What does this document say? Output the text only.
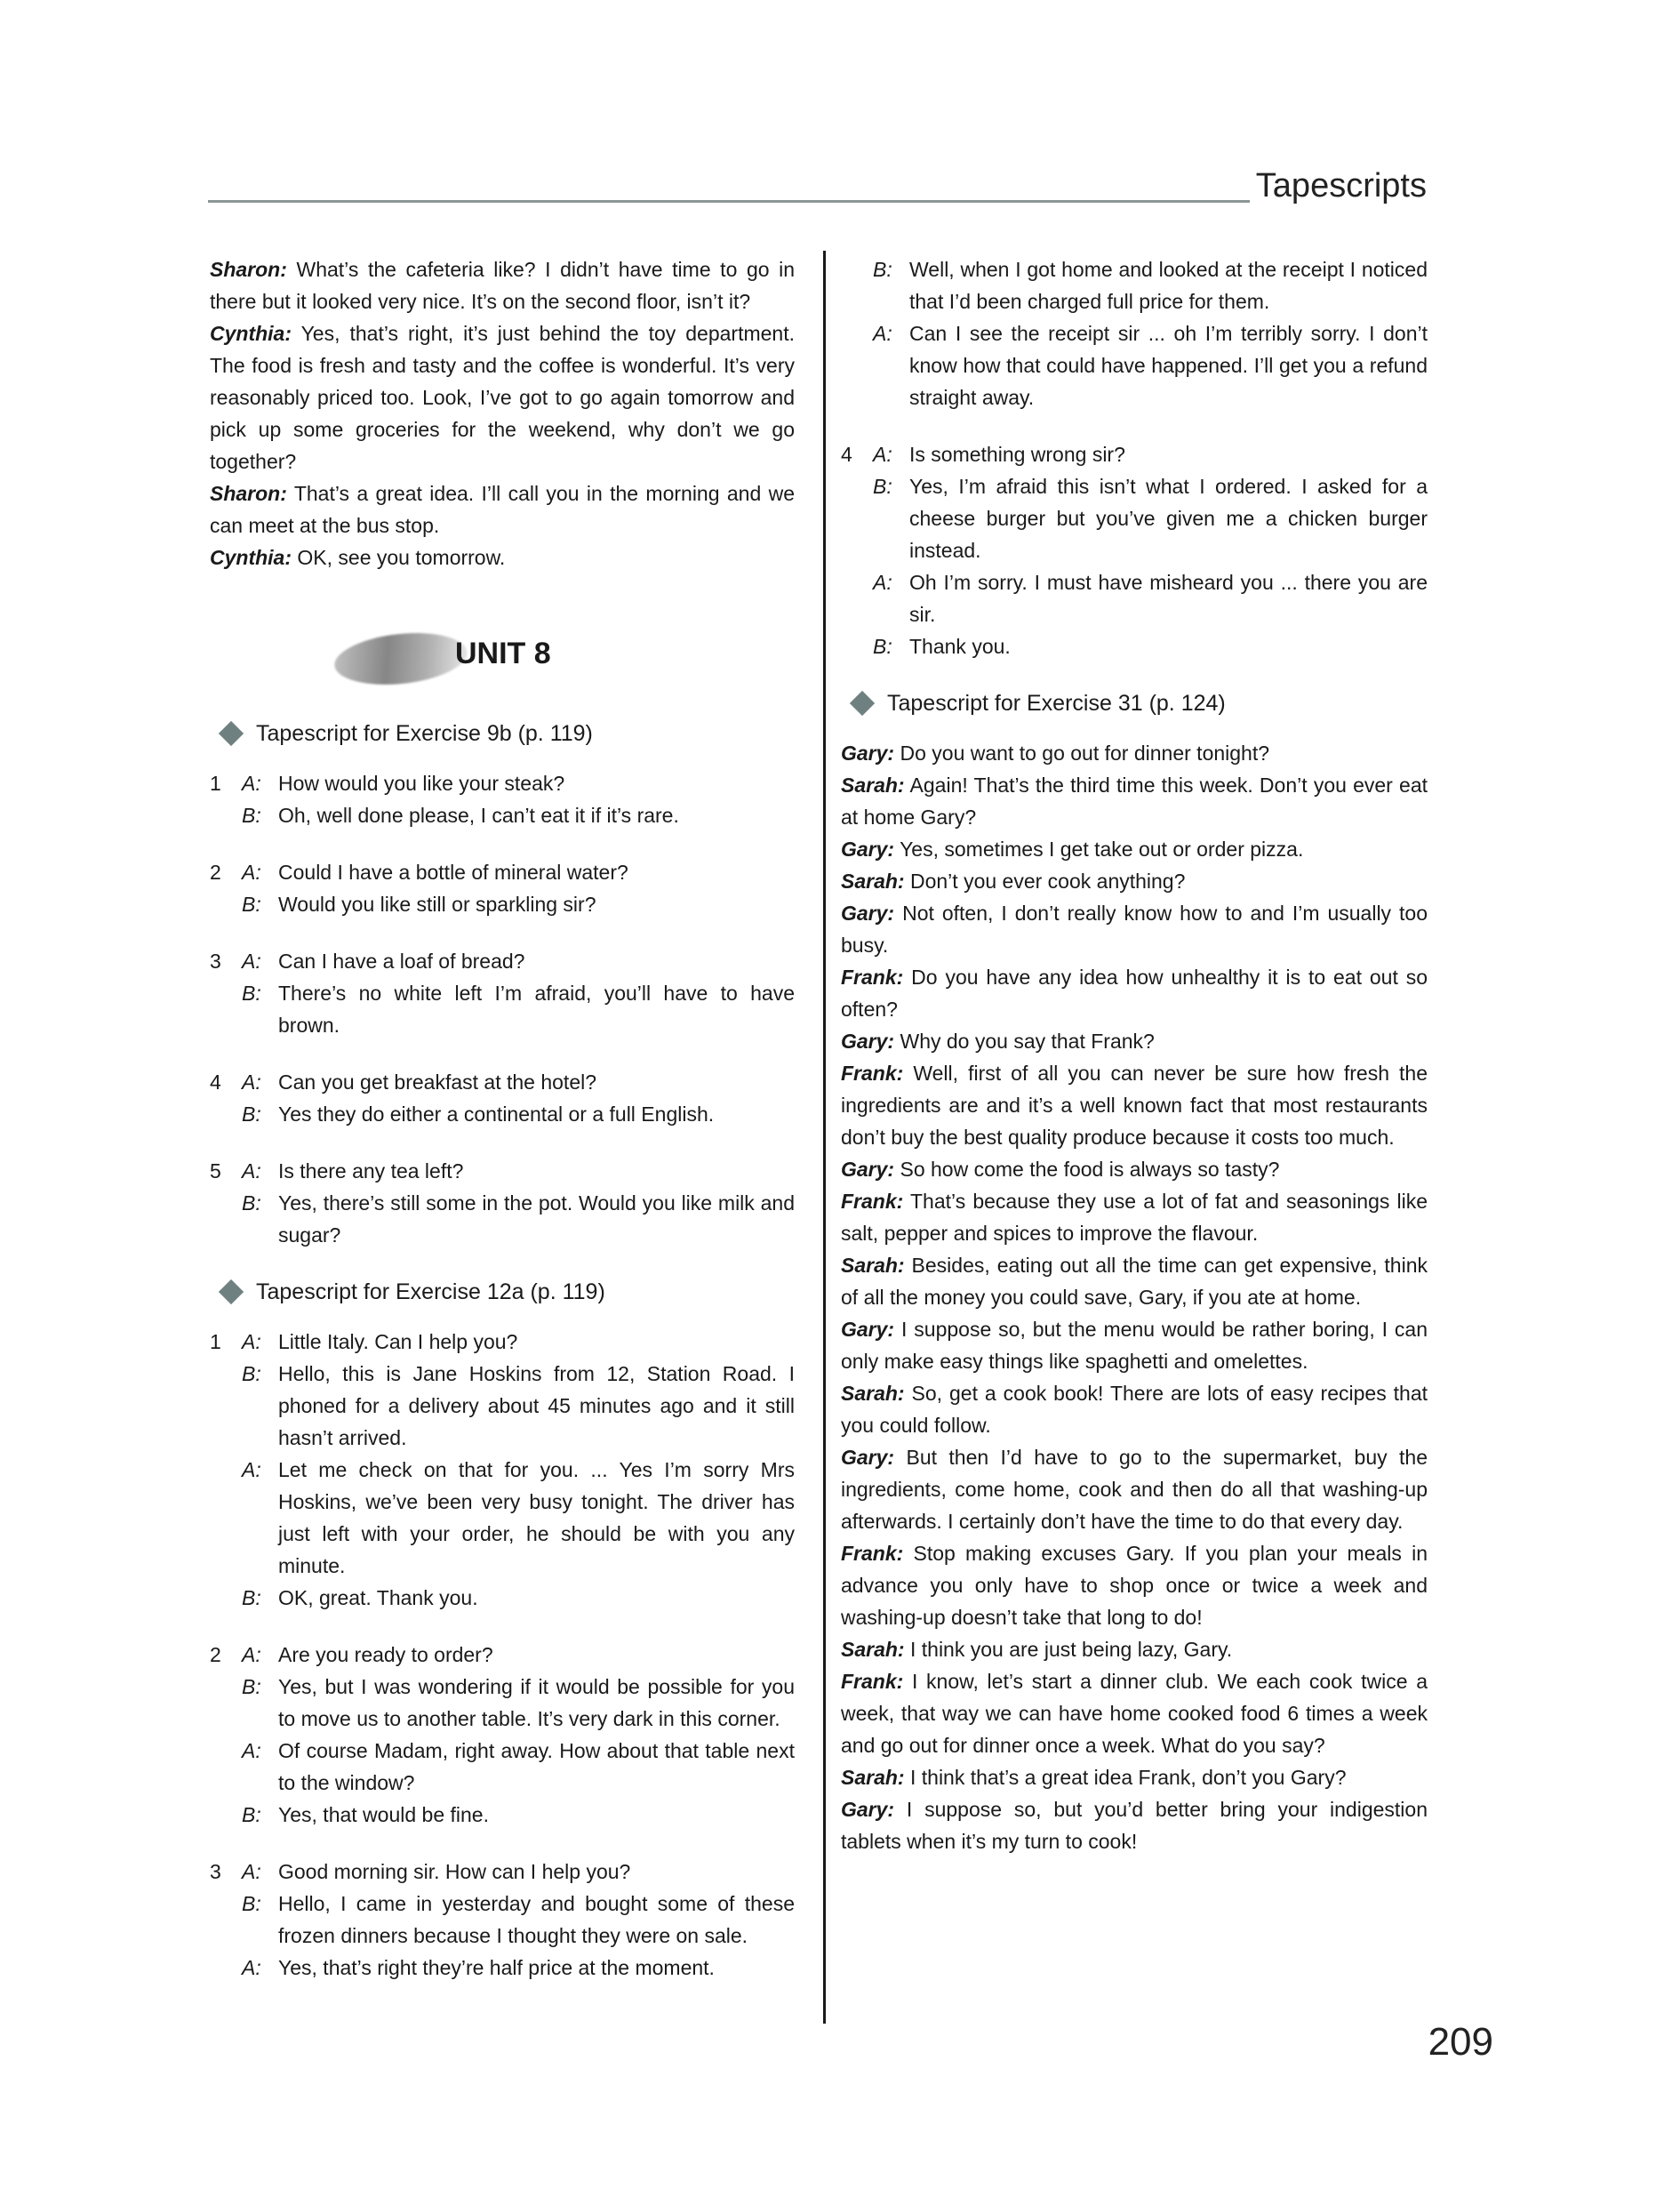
Tapescripts

Sharon: What’s the cafeteria like? I didn’t have time to go in there but it looked very nice. It’s on the second floor, isn’t it?

Cynthia: Yes, that’s right, it’s just behind the toy department. The food is fresh and tasty and the coffee is wonderful. It’s very reasonably priced too. Look, I’ve got to go again tomorrow and pick up some groceries for the weekend, why don’t we go together?

Sharon: That’s a great idea. I’ll call you in the morning and we can meet at the bus stop.

Cynthia: OK, see you tomorrow.

UNIT 8
Tapescript for Exercise 9b (p. 119)
1	A: How would you like your steak?
B: Oh, well done please, I can’t eat it if it’s rare.
2	A: Could I have a bottle of mineral water?
B: Would you like still or sparkling sir?
3	A: Can I have a loaf of bread?
B: There’s no white left I’m afraid, you’ll have to have brown.
4	A: Can you get breakfast at the hotel?
B: Yes they do either a continental or a full English.
5	A: Is there any tea left?
B: Yes, there’s still some in the pot. Would you like milk and sugar?
Tapescript for Exercise 12a (p. 119)
1	A: Little Italy. Can I help you?
B: Hello, this is Jane Hoskins from 12, Station Road. I phoned for a delivery about 45 minutes ago and it still hasn’t arrived.
A: Let me check on that for you. ... Yes I’m sorry Mrs Hoskins, we’ve been very busy tonight. The driver has just left with your order, he should be with you any minute.
B: OK, great. Thank you.
2	A: Are you ready to order?
B: Yes, but I was wondering if it would be possible for you to move us to another table. It’s very dark in this corner.
A: Of course Madam, right away. How about that table next to the window?
B: Yes, that would be fine.
3	A: Good morning sir. How can I help you?
B: Hello, I came in yesterday and bought some of these frozen dinners because I thought they were on sale.
A: Yes, that’s right they’re half price at the moment.
B: Well, when I got home and looked at the receipt I noticed that I’d been charged full price for them.
A: Can I see the receipt sir ... oh I’m terribly sorry. I don’t know how that could have happened. I’ll get you a refund straight away.
4	A: Is something wrong sir?
B: Yes, I’m afraid this isn’t what I ordered. I asked for a cheese burger but you’ve given me a chicken burger instead.
A: Oh I’m sorry. I must have misheard you ... there you are sir.
B: Thank you.
Tapescript for Exercise 31 (p. 124)

Gary: Do you want to go out for dinner tonight?

Sarah: Again! That’s the third time this week. Don’t you ever eat at home Gary?

Gary: Yes, sometimes I get take out or order pizza.

Sarah: Don’t you ever cook anything?

Gary: Not often, I don’t really know how to and I’m usually too busy.

Frank: Do you have any idea how unhealthy it is to eat out so often?

Gary: Why do you say that Frank?

Frank: Well, first of all you can never be sure how fresh the ingredients are and it’s a well known fact that most restaurants don’t buy the best quality produce because it costs too much.

Gary: So how come the food is always so tasty?

Frank: That’s because they use a lot of fat and seasonings like salt, pepper and spices to improve the flavour.

Sarah: Besides, eating out all the time can get expensive, think of all the money you could save, Gary, if you ate at home.

Gary: I suppose so, but the menu would be rather boring, I can only make easy things like spaghetti and omelettes.

Sarah: So, get a cook book! There are lots of easy recipes that you could follow.

Gary: But then I’d have to go to the supermarket, buy the ingredients, come home, cook and then do all that washing-up afterwards. I certainly don’t have the time to do that every day.

Frank: Stop making excuses Gary. If you plan your meals in advance you only have to shop once or twice a week and washing-up doesn’t take that long to do!

Sarah: I think you are just being lazy, Gary.

Frank: I know, let’s start a dinner club. We each cook twice a week, that way we can have home cooked food 6 times a week and go out for dinner once a week. What do you say?

Sarah: I think that’s a great idea Frank, don’t you Gary?

Gary: I suppose so, but you’d better bring your indigestion tablets when it’s my turn to cook!

209
